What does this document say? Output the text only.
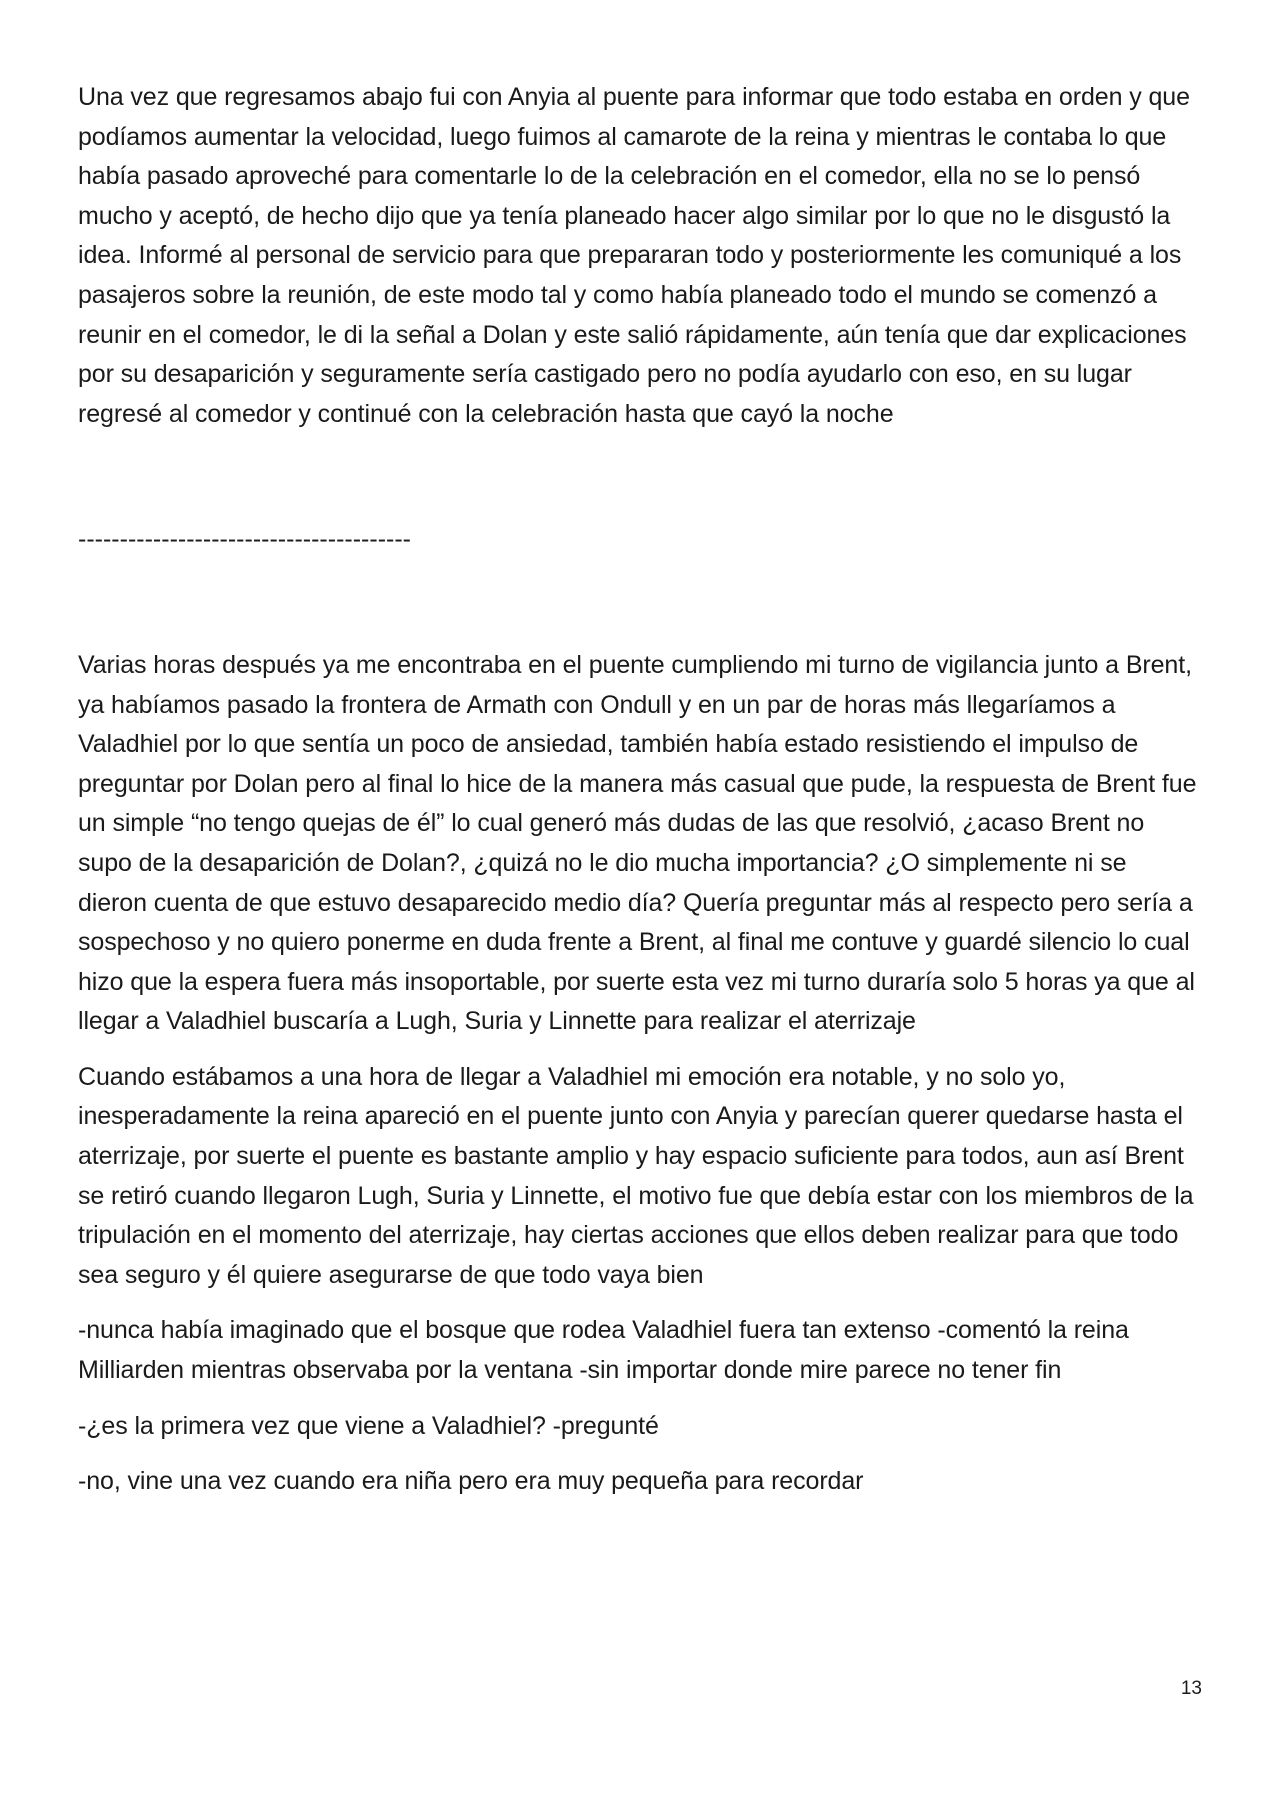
Una vez que regresamos abajo fui con Anyia al puente para informar que todo estaba en orden y que podíamos aumentar la velocidad, luego fuimos al camarote de la reina y mientras le contaba lo que había pasado aproveché para comentarle lo de la celebración en el comedor, ella no se lo pensó mucho y aceptó, de hecho dijo que ya tenía planeado hacer algo similar por lo que no le disgustó la idea. Informé al personal de servicio para que prepararan todo y posteriormente les comuniqué a los pasajeros sobre la reunión, de este modo tal y como había planeado todo el mundo se comenzó a reunir en el comedor, le di la señal a Dolan y este salió rápidamente, aún tenía que dar explicaciones por su desaparición y seguramente sería castigado pero no podía ayudarlo con eso, en su lugar regresé al comedor y continué con la celebración hasta que cayó la noche

----------------------------------------

Varias horas después ya me encontraba en el puente cumpliendo mi turno de vigilancia junto a Brent, ya habíamos pasado la frontera de Armath con Ondull y en un par de horas más llegaríamos a Valadhiel por lo que sentía un poco de ansiedad, también había estado resistiendo el impulso de preguntar por Dolan pero al final lo hice de la manera más casual que pude, la respuesta de Brent fue un simple “no tengo quejas de él” lo cual generó más dudas de las que resolvió, ¿acaso Brent no supo de la desaparición de Dolan?, ¿quizá no le dio mucha importancia? ¿O simplemente ni se dieron cuenta de que estuvo desaparecido medio día? Quería preguntar más al respecto pero sería a sospechoso y no quiero ponerme en duda frente a Brent, al final me contuve y guardé silencio lo cual hizo que la espera fuera más insoportable, por suerte esta vez mi turno duraría solo 5 horas ya que al llegar a Valadhiel buscaría a Lugh, Suria y Linnette para realizar el aterrizaje

Cuando estábamos a una hora de llegar a Valadhiel mi emoción era notable, y no solo yo, inesperadamente la reina apareció en el puente junto con Anyia y parecían querer quedarse hasta el aterrizaje, por suerte el puente es bastante amplio y hay espacio suficiente para todos, aun así Brent se retiró cuando llegaron Lugh, Suria y Linnette, el motivo fue que debía estar con los miembros de la tripulación en el momento del aterrizaje, hay ciertas acciones que ellos deben realizar para que todo sea seguro y él quiere asegurarse de que todo vaya bien

-nunca había imaginado que el bosque que rodea Valadhiel fuera tan extenso -comentó la reina Milliarden mientras observaba por la ventana -sin importar donde mire parece no tener fin

-¿es la primera vez que viene a Valadhiel? -pregunté

-no, vine una vez cuando era niña pero era muy pequeña para recordar

13
